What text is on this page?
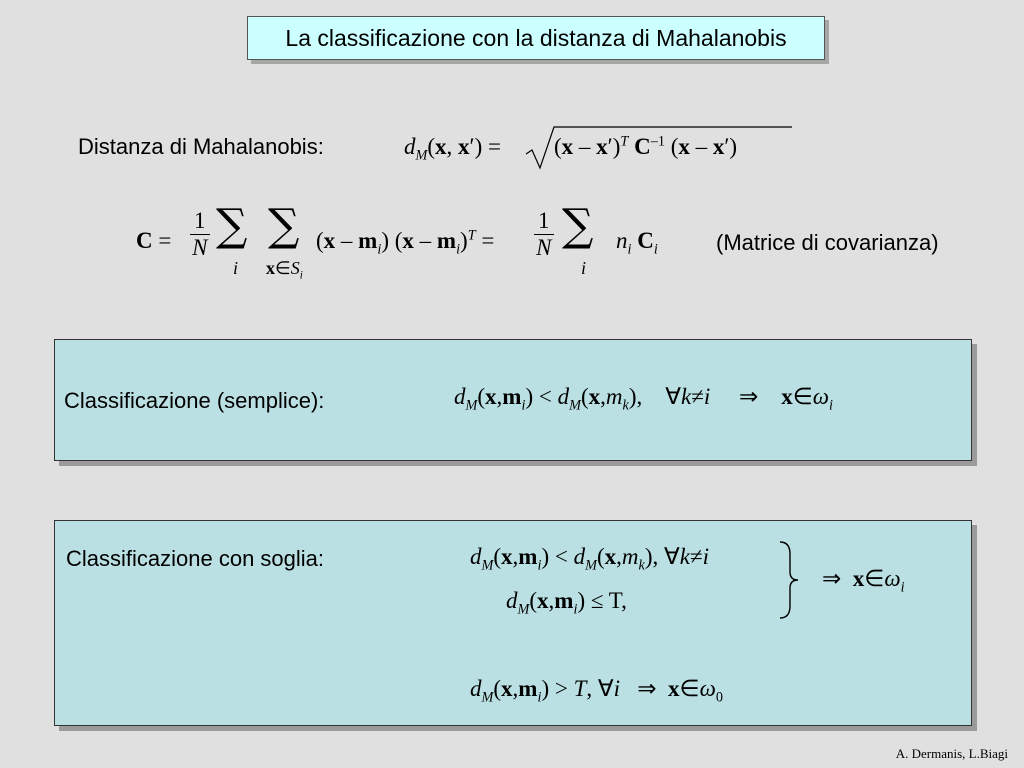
La classificazione con la distanza di Mahalanobis
Distanza di Mahalanobis:	$d_M(x$, x′) = (x – x′)$^T$ $C^{-1}$ (x – x′)
$C = \frac{1}{N}$ ∑
i
∑
$x\in S_i$
$(x - m_i)$ $(x - m_i)^T = \frac{1}{N}$ ∑
i
$n_i$ $C_i$	(Matrice di covarianza)
Classificazione (semplice):	$d_M(x,m_i) < d_M(x,m_k)$,    ∀k≠i     ⇒    $x\in\omega_i$
Classificazione con soglia:	$d_M(x,m_i) < d_M(x,m_k)$, ∀k≠i
$d_M(x,m_i) \le T$,
⇒  $x\in\omega_i$
$d_M(x,m_i) > T$, ∀i   ⇒  $x\in\omega_0$
A. Dermanis, L.Biagi
